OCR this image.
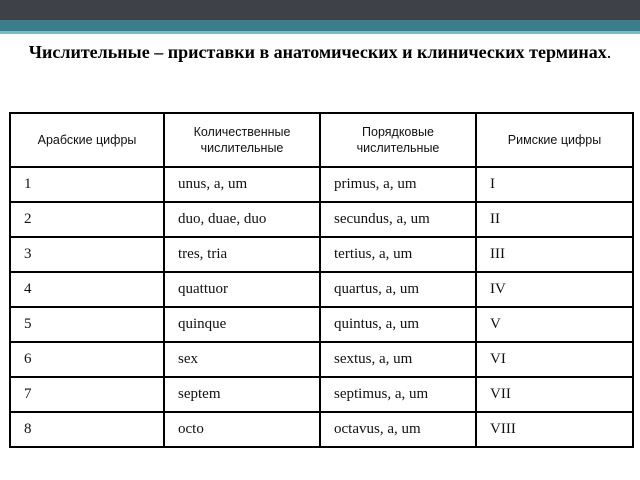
Числительные – приставки в анатомических и клинических терминах.
Арабские цифры	Количественные числительные	Порядковые числительные	Римские цифры
1	unus, a, um	primus, a, um	I
2	duo, duae, duo	secundus, a, um	II
3	tres, tria	tertius, a, um	III
4	quattuor	quartus, a, um	IV
5	quinque	quintus, a, um	V
6	sex	sextus, a, um	VI
7	septem	septimus, a, um	VII
8	octo	octavus, a, um	VIII
